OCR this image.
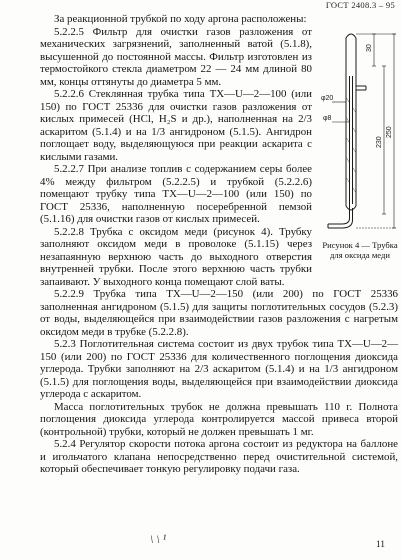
ГОСТ 2408.3 – 95

За реакционной трубкой по ходу аргона расположены:

φ20
φ8
30
230
250
Рисунок 4 — Трубка для оксида меди

5.2.2.5 Фильтр для очистки газов разложения от механических загрязнений, заполненный ватой (5.1.8), высушенной до постоянной массы. Фильтр изготовлен из термостойкого стекла диаметром 22 — 24 мм длиной 80 мм, концы оттянуты до диаметра 5 мм.

5.2.2.6 Стеклянная трубка типа ТХ—U—2—100 (или 150) по ГОСТ 25336 для очистки газов разложения от кислых примесей (HCl, H₂S и др.), наполненная на 2/3 аскаритом (5.1.4) и на 1/3 ангидроном (5.1.5). Ангидрон поглощает воду, выделяющуюся при реакции аскарита с кислыми газами.

5.2.2.7 При анализе топлив с содержанием серы более 4% между фильтром (5.2.2.5) и трубкой (5.2.2.6) помещают трубку типа ТХ—U—2—100 (или 150) по ГОСТ 25336, наполненную посеребренной пемзой (5.1.16) для очистки газов от кислых примесей.

5.2.2.8 Трубка с оксидом меди (рисунок 4). Трубку заполняют оксидом меди в проволоке (5.1.15) через незапаянную верхнюю часть до выходного отверстия внутренней трубки. После этого верхнюю часть трубки запаивают. У выходного конца помещают слой ваты.

5.2.2.9 Трубка типа ТХ—U—2—150 (или 200) по ГОСТ 25336 заполненная ангидроном (5.1.5) для защиты поглотительных сосудов (5.2.3) от воды, выделяющейся при взаимодействии газов разложения с нагретым оксидом меди в трубке (5.2.2.8).

5.2.3 Поглотительная система состоит из двух трубок типа ТХ—U—2—150 (или 200) по ГОСТ 25336 для количественного поглощения диоксида углерода. Трубки заполняют на 2/3 аскаритом (5.1.4) и на 1/3 ангидроном (5.1.5) для поглощения воды, выделяющейся при взаимодействии диоксида углерода с аскаритом.

Масса поглотительных трубок не должна превышать 110 г. Полнота поглощения диоксида углерода контролируется массой привеса второй (контрольной) трубки, который не должен превышать 1 мг.

5.2.4 Регулятор скорости потока аргона состоит из редуктора на баллоне и игольчатого клапана непосредственно перед очистительной системой, который обеспечивает тонкую регулировку подачи газа.

\ \ ¹	11
